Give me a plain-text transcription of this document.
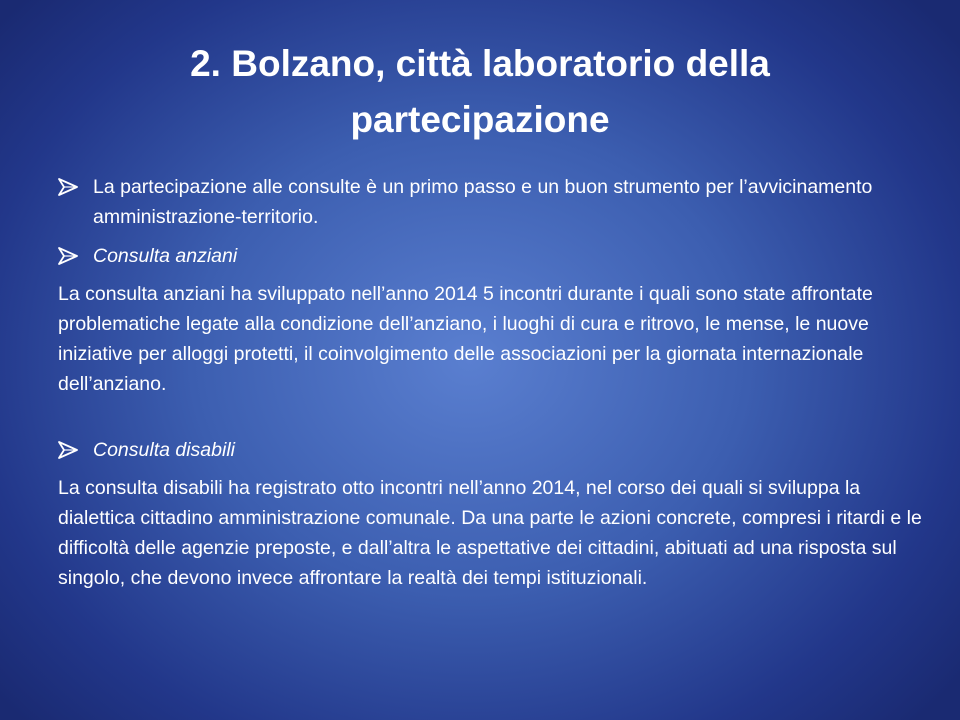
2. Bolzano, città laboratorio della partecipazione
La partecipazione alle consulte è un primo passo e un buon strumento per l’avvicinamento amministrazione-territorio.
Consulta anziani
La consulta anziani ha sviluppato nell’anno 2014 5 incontri durante i quali sono state affrontate problematiche legate alla condizione dell’anziano, i luoghi di cura e ritrovo, le mense, le nuove iniziative per alloggi protetti, il coinvolgimento delle associazioni per la giornata internazionale dell’anziano.
Consulta disabili
La consulta disabili ha registrato otto incontri nell’anno 2014, nel corso dei quali si sviluppa la dialettica cittadino amministrazione comunale. Da una parte le azioni concrete, compresi i ritardi e le difficoltà delle agenzie preposte, e dall’altra le aspettative dei cittadini, abituati ad una risposta sul singolo, che devono invece affrontare la realtà dei tempi istituzionali.
